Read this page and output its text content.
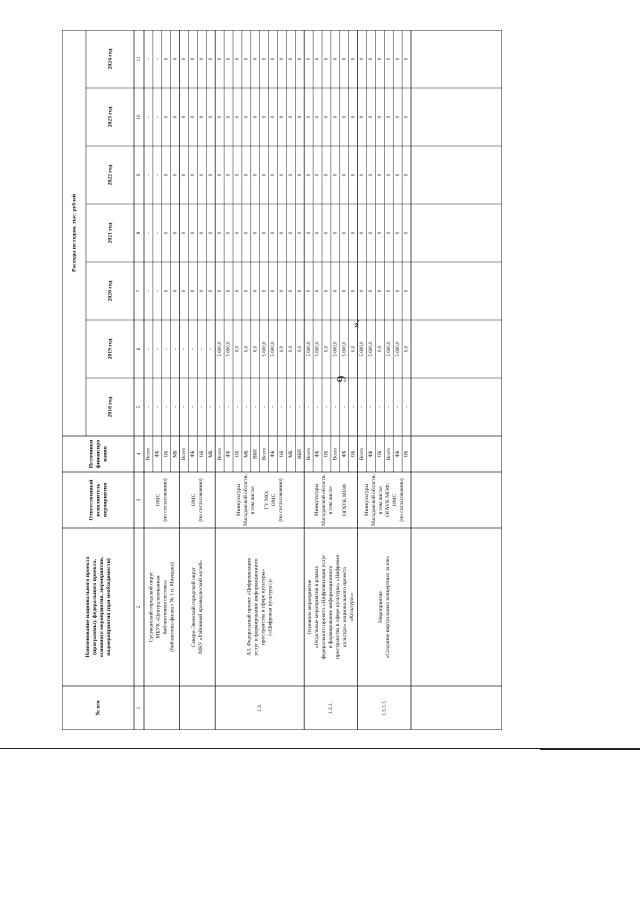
9
№ п/п
Наименование национального проекта (программы), федерального проекта, основного мероприятия, мероприятия, подмероприятия (при необходимости)
Ответственный исполнитель мероприятия
Источники финансиро вания
Расходы по годам, тыс. рублей
2018 год
2019 год
2020 год
2021 год
2022 год
2023 год
2024 год
1
2
3
4
5
6
7
8
9
10
11
Всего
-
-
-
-
-
-
-
ФБ
-
-
-
-
-
-
-
ОБ
-
-
0
0
0
0
0
МБ
-
-
0
0
0
0
0
Сусуманский городской округ МБУК «Централизованная библиотечная система» (библиотека-филиал № 1 п. Мяунджа)
ОМС (по согласованию)
Всего
-
-
0
0
0
0
0
ФБ
-
-
0
0
0
0
0
ОБ
-
-
0
0
0
0
0
МБ
-
-
0
0
0
0
0
Северо-Эвенский городской округ МКУ «Районный краеведческий музей»
ОМС (по согласованию)
Всего
-
5 600,0
0
0
0
0
0
ФБ
-
5 600,0
0
0
0
0
0
ОБ
-
0,0
0
0
0
0
0
МБ
-
0,0
0
0
0
0
0
ВБИ
-
0,0
0
0
0
0
0
Всего
-
5 600,0
0
0
0
0
0
ФБ
-
5 600,0
0
0
0
0
0
ОБ
-
0,0
0
0
0
0
0
МБ
-
0,0
0
0
0
0
0
ВБИ
-
0,0
0
0
0
0
0
1.3.
А3. Федеральный проект «Цифровизация услуг и формирование информационного пространства в сфере культуры» («Цифровая культура»)»
Минкультуры Магаданской области, в том числе: ГУ МО; ОМС (по согласованию)
Всего
-
5 600,0
0
0
0
0
0
ФБ
-
5 600,0
0
0
0
0
0
ОБ
-
0,0
0
0
0
0
0
Всего
-
5 600,0
0
0
0
0
0
ФБ
-
5 600,0
0
0
0
0
0
ОБ
-
0,0
0
0
0
0
0
1.3.1.
Основное мероприятие «Отдельные мероприятия в рамках федерального проекта «Цифровизация услуг и формирование информационного пространства в сфере культуры» «Цифровая культура» национального проекта «Культура»»
Минкультуры Магаданской области, в том числе: ОГАУК МОФ
Всего
-
5 600,0
0
0
0
0
0
ФБ
-
5 600,0
0
0
0
0
0
ОБ
-
0,0
0
0
0
0
0
Всего
-
5 600,0
0
0
0
0
0
ФБ
-
5 600,0
0
0
0
0
0
ОБ
-
0,0
0
0
0
0
0
1.3.1.1.
Мероприятие «Создание виртуальных концертных залов»
Минкультуры Магаданской области, в том числе: ОГАУК МОФ; ОМС (по согласованию)
».
